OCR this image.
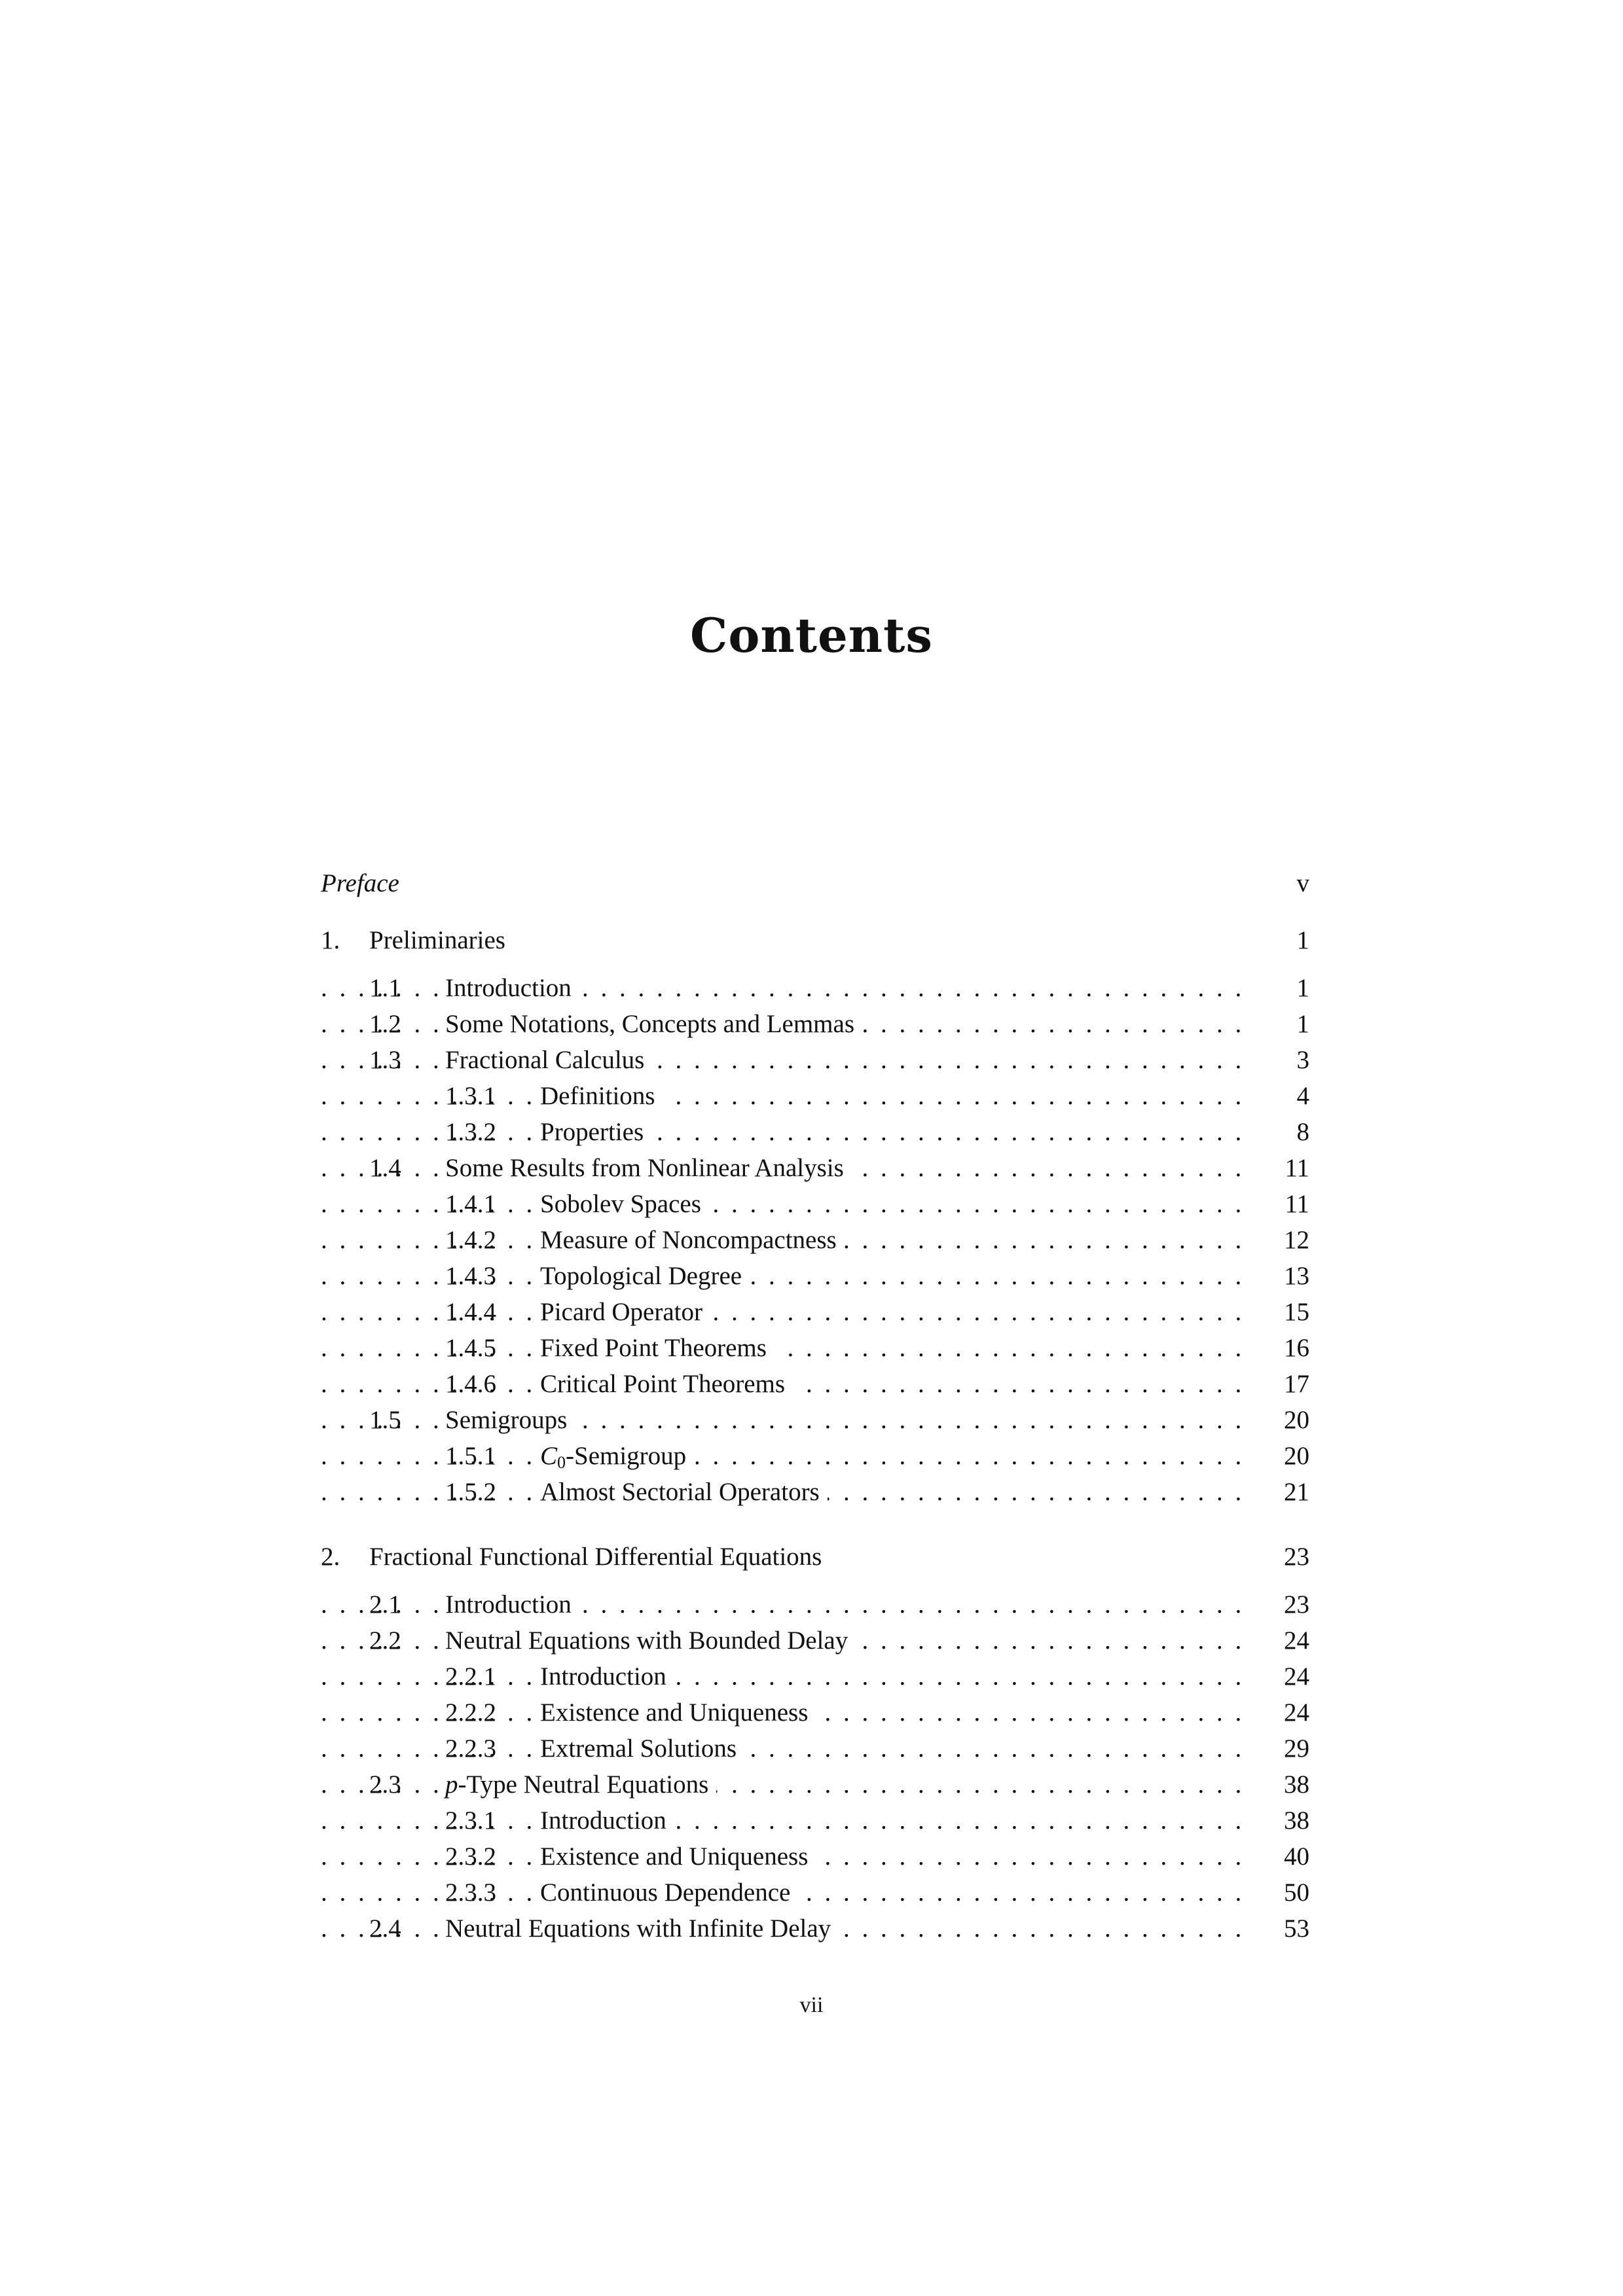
Contents
Preface	v
1. Preliminaries	1
. . .
1.1 Introduction	1
. . .
1.2 Some Notations, Concepts and Lemmas	1
. . .
1.3 Fractional Calculus	3
. . .
1.3.1 Definitions	4
. . .
1.3.2 Properties	8
. . .
1.4 Some Results from Nonlinear Analysis	11
. . .
1.4.1 Sobolev Spaces	11
. . .
1.4.2 Measure of Noncompactness	12
. . .
1.4.3 Topological Degree	13
. . .
1.4.4 Picard Operator	15
. . .
1.4.5 Fixed Point Theorems	16
. . .
1.4.6 Critical Point Theorems	17
. . .
1.5 Semigroups	20
. . .
1.5.1 $C_0$-Semigroup	20
. . .
1.5.2 Almost Sectorial Operators	21
2. Fractional Functional Differential Equations	23
. . .
2.1 Introduction	23
. . .
2.2 Neutral Equations with Bounded Delay	24
. . .
2.2.1 Introduction	24
. . .
2.2.2 Existence and Uniqueness	24
. . .
2.2.3 Extremal Solutions	29
. . .
2.3 p-Type Neutral Equations	38
. . .
2.3.1 Introduction	38
. . .
2.3.2 Existence and Uniqueness	40
. . .
2.3.3 Continuous Dependence	50
. . .
2.4 Neutral Equations with Infinite Delay	53
vii
